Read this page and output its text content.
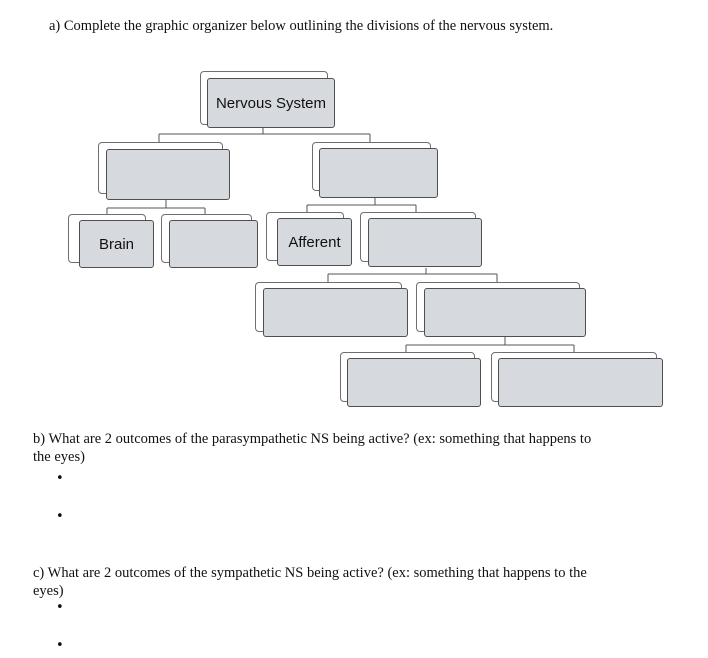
a) Complete the graphic organizer below outlining the divisions of the nervous system.
Nervous System
Brain	Afferent
b) What are 2 outcomes of the parasympathetic NS being active? (ex: something that happens to
the eyes)
•
•
c) What are 2 outcomes of the sympathetic NS being active? (ex: something that happens to the
eyes)
•
•
